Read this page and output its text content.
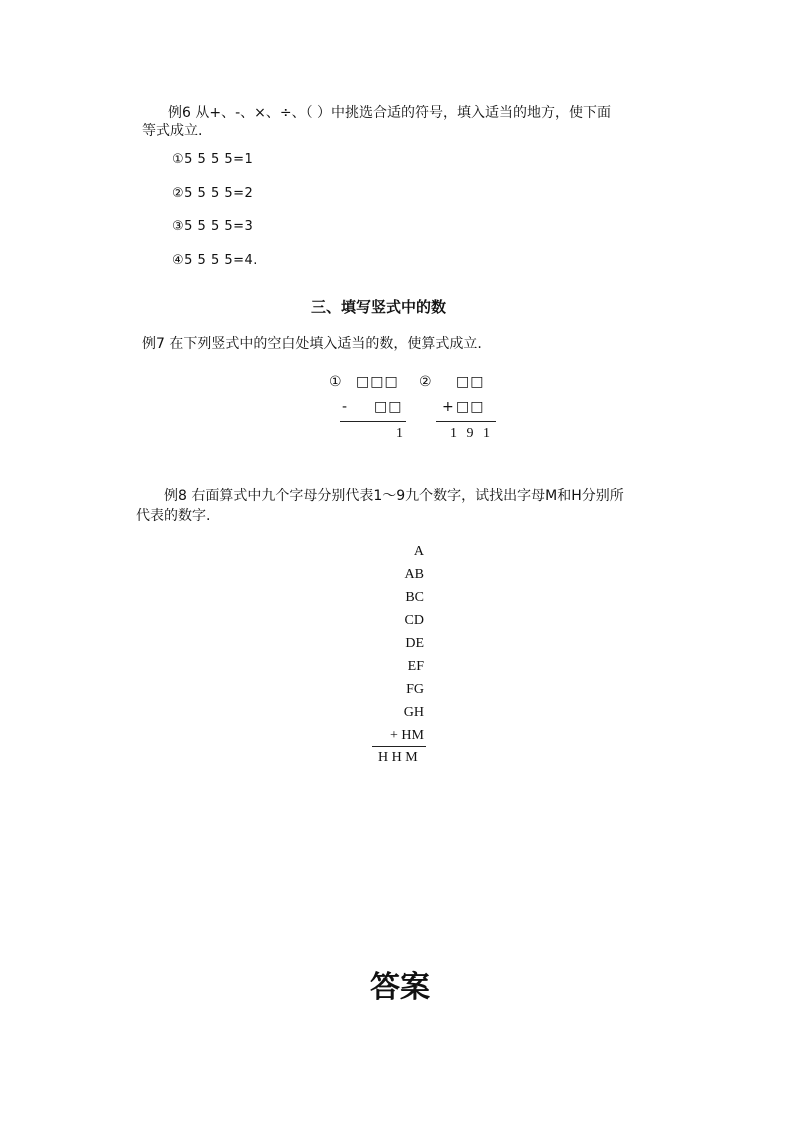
例6 从+、-、×、÷、（ ）中挑选合适的符号，填入适当的地方，使下面
等式成立.
①5 5 5 5=1
②5 5 5 5=2
③5 5 5 5=3
④5 5 5 5=4.
三、填写竖式中的数
例7 在下列竖式中的空白处填入适当的数，使算式成立.
① □□□
- □□
1
② □□
+ □□
1 9 1
例8 右面算式中九个字母分别代表1～9九个数字，试找出字母M和H分别所
代表的数字.
A
AB
BC
CD
DE
EF
FG
GH
+ HM
H H M
答案
